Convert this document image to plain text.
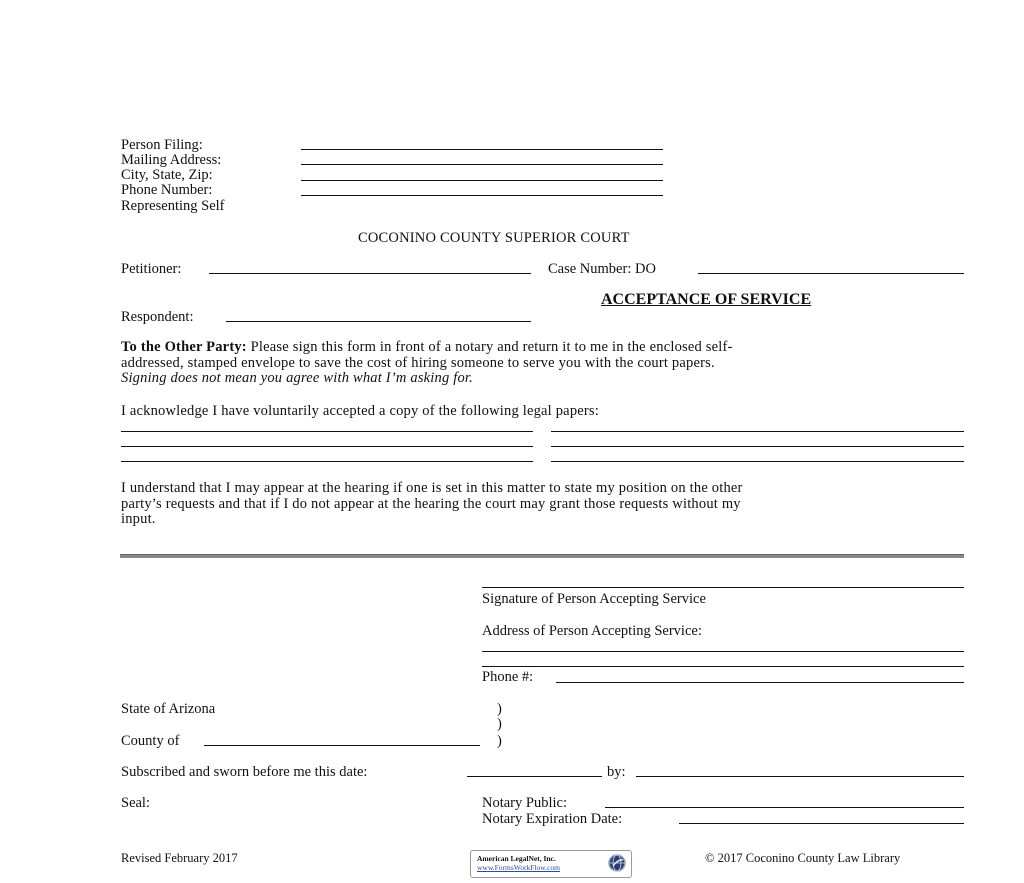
Person Filing:
Mailing Address:
City, State, Zip:
Phone Number:
Representing Self
COCONINO COUNTY SUPERIOR COURT
Petitioner:	Case Number: DO
ACCEPTANCE OF SERVICE
Respondent:
To the Other Party: Please sign this form in front of a notary and return it to me in the enclosed self-
addressed, stamped envelope to save the cost of hiring someone to serve you with the court papers.
Signing does not mean you agree with what I’m asking for.
I acknowledge I have voluntarily accepted a copy of the following legal papers:
I understand that I may appear at the hearing if one is set in this matter to state my position on the other
party’s requests and that if I do not appear at the hearing the court may grant those requests without my
input.
Signature of Person Accepting Service
Address of Person Accepting Service:
Phone #:
State of Arizona	)
)
)
County of
Subscribed and sworn before me this date:	by:
Seal:	Notary Public:
Notary Expiration Date:
Revised February 2017	© 2017 Coconino County Law Library
American LegalNet, Inc.
www.FormsWorkFlow.com
